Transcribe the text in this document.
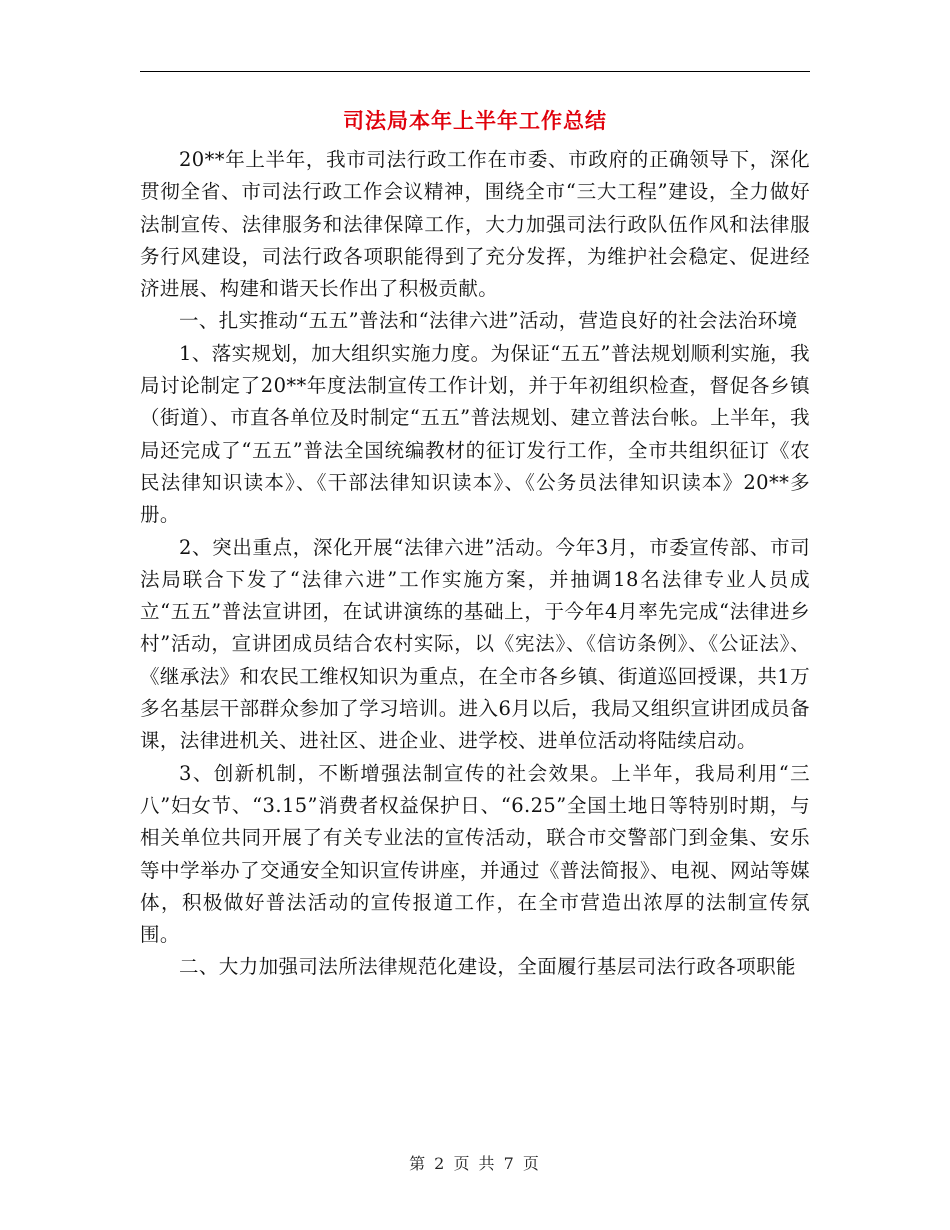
司法局本年上半年工作总结

20**年上半年，我市司法行政工作在市委、市政府的正确领导下，深化贯彻全省、市司法行政工作会议精神，围绕全市“三大工程”建设，全力做好法制宣传、法律服务和法律保障工作，大力加强司法行政队伍作风和法律服务行风建设，司法行政各项职能得到了充分发挥，为维护社会稳定、促进经济进展、构建和谐天长作出了积极贡献。

一、扎实推动“五五”普法和“法律六进”活动，营造良好的社会法治环境

1、落实规划，加大组织实施力度。为保证“五五”普法规划顺利实施，我局讨论制定了20**年度法制宣传工作计划，并于年初组织检查，督促各乡镇（街道）、市直各单位及时制定“五五”普法规划、建立普法台帐。上半年，我局还完成了“五五”普法全国统编教材的征订发行工作，全市共组织征订《农民法律知识读本》、《干部法律知识读本》、《公务员法律知识读本》20**多册。

2、突出重点，深化开展“法律六进”活动。今年3月，市委宣传部、市司法局联合下发了“法律六进”工作实施方案，并抽调18名法律专业人员成立“五五”普法宣讲团，在试讲演练的基础上，于今年4月率先完成“法律进乡村”活动，宣讲团成员结合农村实际，以《宪法》、《信访条例》、《公证法》、《继承法》和农民工维权知识为重点，在全市各乡镇、街道巡回授课，共1万多名基层干部群众参加了学习培训。进入6月以后，我局又组织宣讲团成员备课，法律进机关、进社区、进企业、进学校、进单位活动将陆续启动。

3、创新机制，不断增强法制宣传的社会效果。上半年，我局利用“三八”妇女节、“3.15”消费者权益保护日、“6.25”全国土地日等特别时期，与相关单位共同开展了有关专业法的宣传活动，联合市交警部门到金集、安乐等中学举办了交通安全知识宣传讲座，并通过《普法简报》、电视、网站等媒体，积极做好普法活动的宣传报道工作，在全市营造出浓厚的法制宣传氛围。

二、大力加强司法所法律规范化建设，全面履行基层司法行政各项职能

第 2 页 共 7 页
